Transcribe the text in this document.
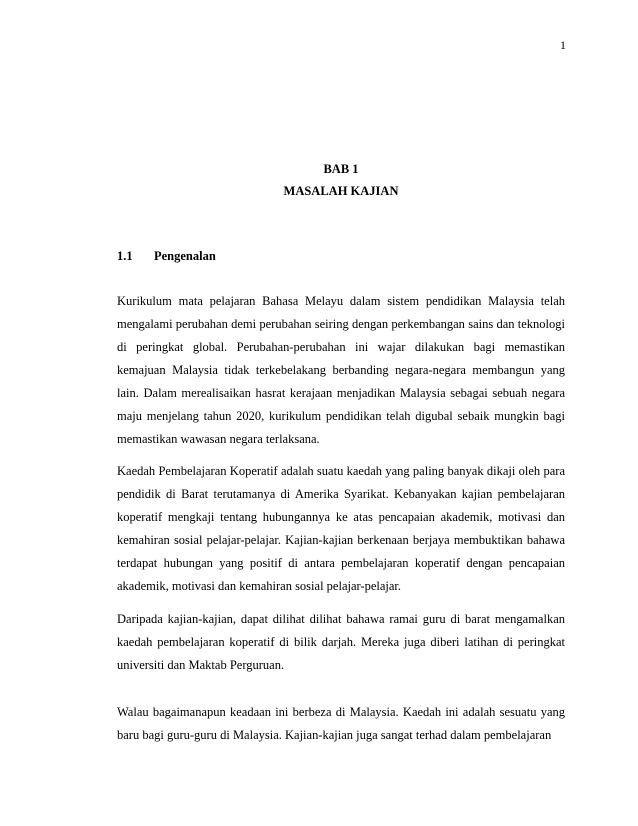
1
BAB 1
MASALAH KAJIAN
1.1 Pengenalan

Kurikulum mata pelajaran Bahasa Melayu dalam sistem pendidikan Malaysia telah mengalami perubahan demi perubahan seiring dengan perkembangan sains dan teknologi di peringkat global. Perubahan-perubahan ini wajar dilakukan bagi memastikan kemajuan Malaysia tidak terkebelakang berbanding negara-negara membangun yang lain. Dalam merealisaikan hasrat kerajaan menjadikan Malaysia sebagai sebuah negara maju menjelang tahun 2020, kurikulum pendidikan telah digubal sebaik mungkin bagi memastikan wawasan negara terlaksana.

Kaedah Pembelajaran Koperatif adalah suatu kaedah yang paling banyak dikaji oleh para pendidik di Barat terutamanya di Amerika Syarikat. Kebanyakan kajian pembelajaran koperatif mengkaji tentang hubungannya ke atas pencapaian akademik, motivasi dan kemahiran sosial pelajar-pelajar. Kajian-kajian berkenaan berjaya membuktikan bahawa terdapat hubungan yang positif di antara pembelajaran koperatif dengan pencapaian akademik, motivasi dan kemahiran sosial pelajar-pelajar.

Daripada kajian-kajian, dapat dilihat dilihat bahawa ramai guru di barat mengamalkan kaedah pembelajaran koperatif di bilik darjah. Mereka juga diberi latihan di peringkat universiti dan Maktab Perguruan.

Walau bagaimanapun keadaan ini berbeza di Malaysia. Kaedah ini adalah sesuatu yang baru bagi guru-guru di Malaysia. Kajian-kajian juga sangat terhad dalam pembelajaran
